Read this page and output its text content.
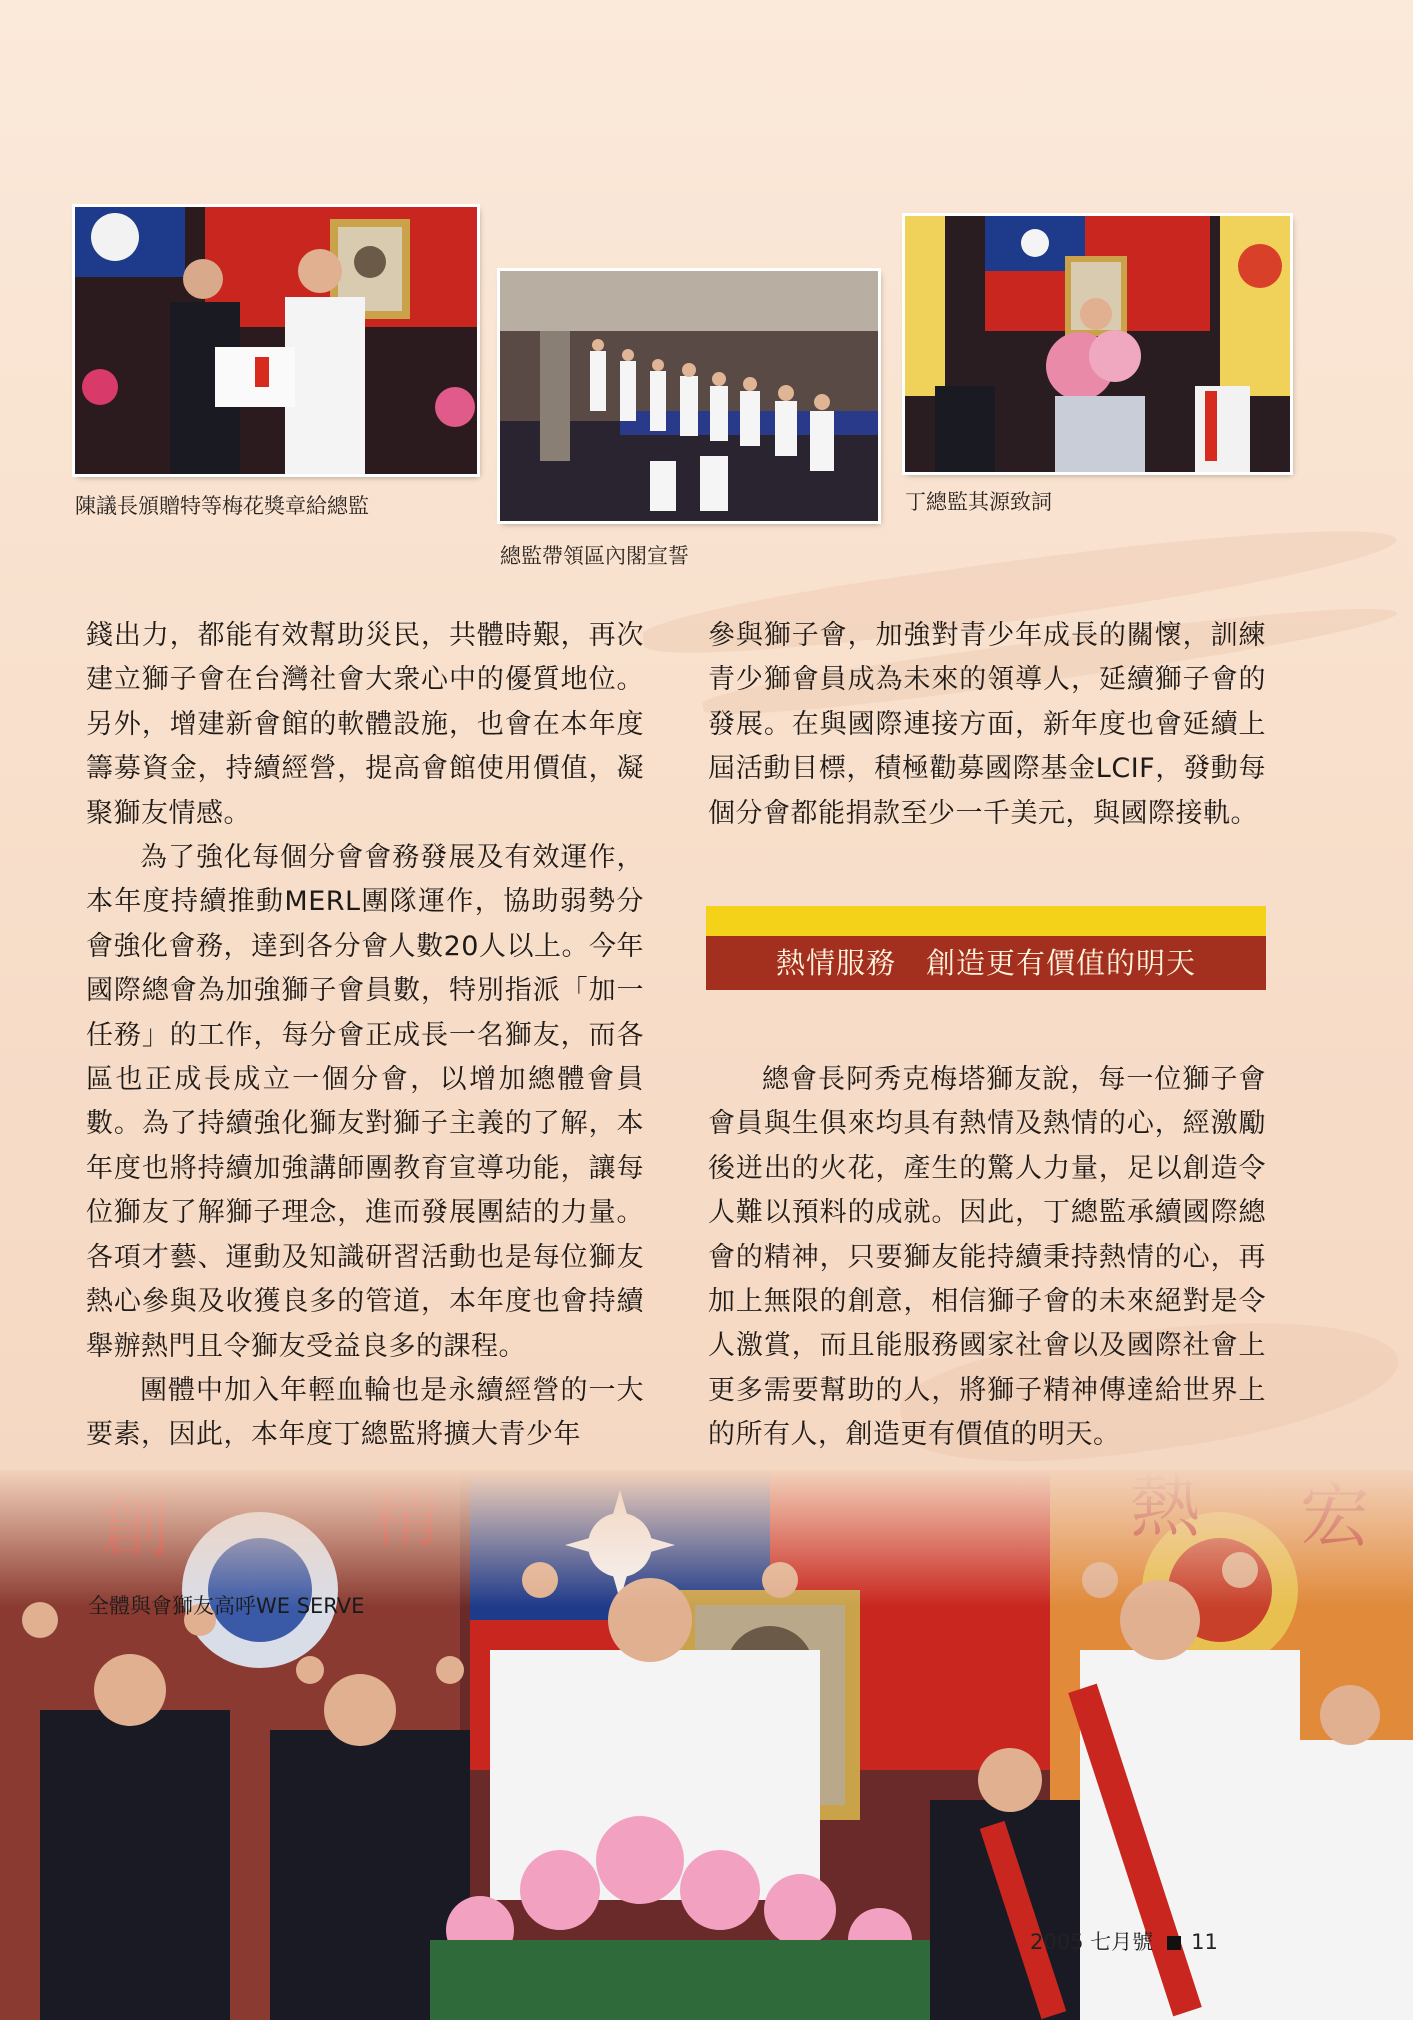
陳議長頒贈特等梅花獎章給總監
總監帶領區內閣宣誓
丁總監其源致詞

錢出力，都能有效幫助災民，共體時艱，再次建立獅子會在台灣社會大衆心中的優質地位。另外，增建新會館的軟體設施，也會在本年度籌募資金，持續經營，提高會館使用價值，凝聚獅友情感。

為了強化每個分會會務發展及有效運作，本年度持續推動MERL團隊運作，協助弱勢分會強化會務，達到各分會人數20人以上。今年國際總會為加強獅子會員數，特別指派「加一任務」的工作，每分會正成長一名獅友，而各區也正成長成立一個分會，以增加總體會員數。為了持續強化獅友對獅子主義的了解，本年度也將持續加強講師團教育宣導功能，讓每位獅友了解獅子理念，進而發展團結的力量。各項才藝、運動及知識研習活動也是每位獅友熱心參與及收獲良多的管道，本年度也會持續舉辦熱門且令獅友受益良多的課程。

團體中加入年輕血輪也是永續經營的一大要素，因此，本年度丁總監將擴大青少年

參與獅子會，加強對青少年成長的關懷，訓練青少獅會員成為未來的領導人，延續獅子會的發展。在與國際連接方面，新年度也會延續上屆活動目標，積極勸募國際基金LCIF，發動每個分會都能捐款至少一千美元，與國際接軌。

熱情服務　創造更有價值的明天

總會長阿秀克梅塔獅友說，每一位獅子會會員與生俱來均具有熱情及熱情的心，經激勵後迸出的火花，產生的驚人力量，足以創造令人難以預料的成就。因此，丁總監承續國際總會的精神，只要獅友能持續秉持熱情的心，再加上無限的創意，相信獅子會的未來絕對是令人激賞，而且能服務國家社會以及國際社會上更多需要幫助的人，將獅子精神傳達給世界上的所有人，創造更有價值的明天。

全體與會獅友高呼WE SERVE
2005 七月號 11
